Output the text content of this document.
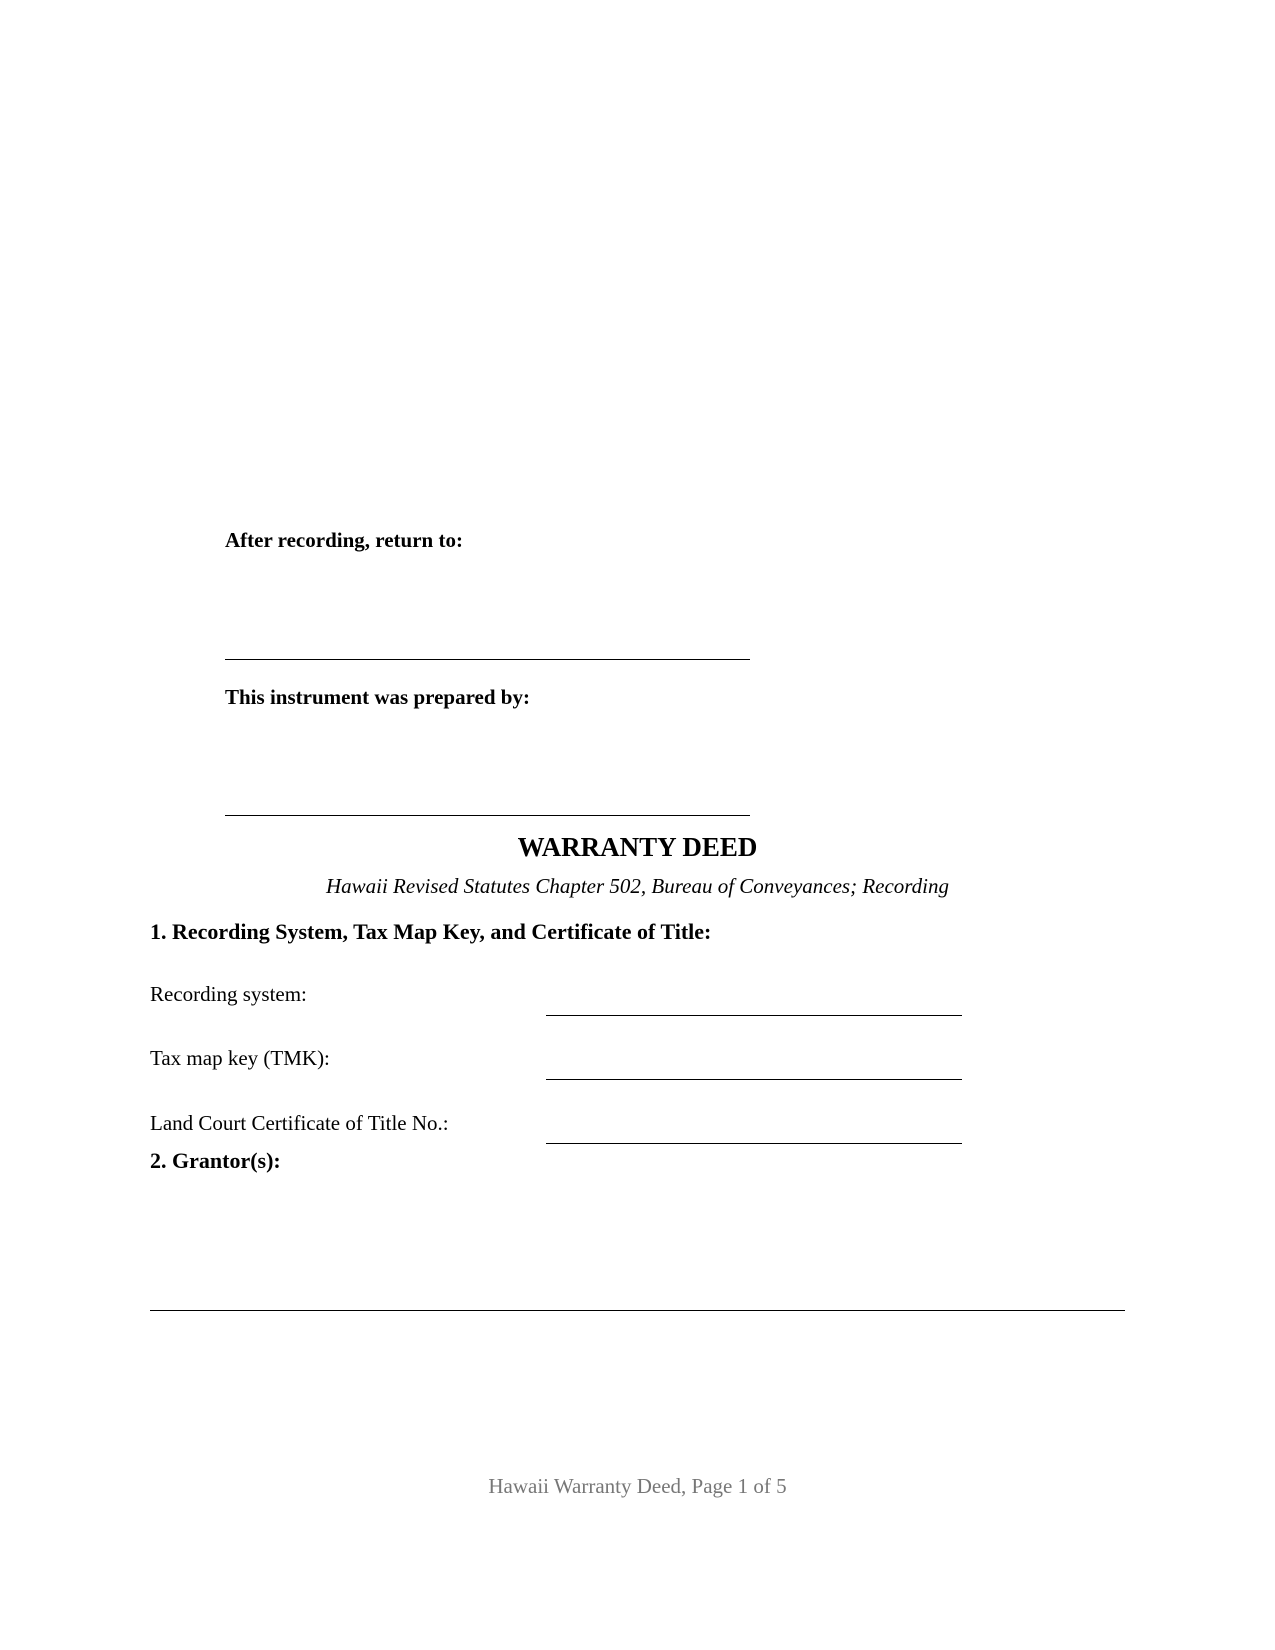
After recording, return to:
This instrument was prepared by:
WARRANTY DEED
Hawaii Revised Statutes Chapter 502, Bureau of Conveyances; Recording
1. Recording System, Tax Map Key, and Certificate of Title:
Recording system:
Tax map key (TMK):
Land Court Certificate of Title No.:
2. Grantor(s):
Hawaii Warranty Deed, Page 1 of 5
